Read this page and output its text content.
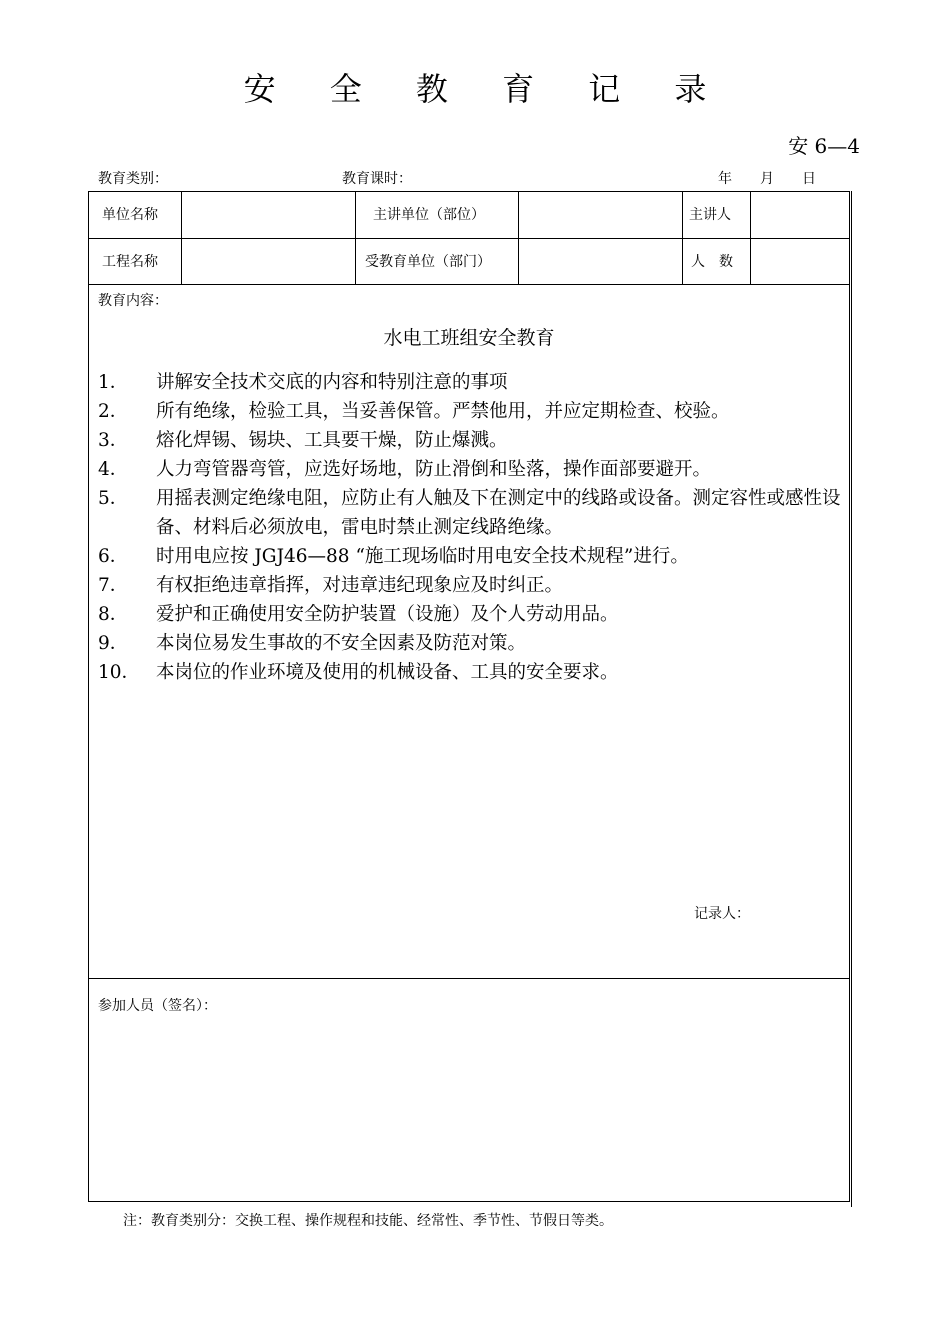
安 全 教 育 记 录
安 6—4
教育类别：	教育课时：	年 月 日
单位名称	主讲单位（部位）	主讲人
工程名称	受教育单位（部门）	人　数
教育内容：
水电工班组安全教育
1． 讲解安全技术交底的内容和特别注意的事项
2． 所有绝缘，检验工具，当妥善保管。严禁他用，并应定期检查、校验。
3． 熔化焊锡、锡块、工具要干燥，防止爆溅。
4． 人力弯管器弯管，应选好场地，防止滑倒和坠落，操作面部要避开。
5． 用摇表测定绝缘电阻，应防止有人触及下在测定中的线路或设备。测定容性或感性设备、材料后必须放电，雷电时禁止测定线路绝缘。
6． 时用电应按 JGJ46—88 “施工现场临时用电安全技术规程”进行。
7． 有权拒绝违章指挥，对违章违纪现象应及时纠正。
8． 爱护和正确使用安全防护装置（设施）及个人劳动用品。
9． 本岗位易发生事故的不安全因素及防范对策。
10． 本岗位的作业环境及使用的机械设备、工具的安全要求。
记录人：
参加人员（签名）：
注：教育类别分：交换工程、操作规程和技能、经常性、季节性、节假日等类。
